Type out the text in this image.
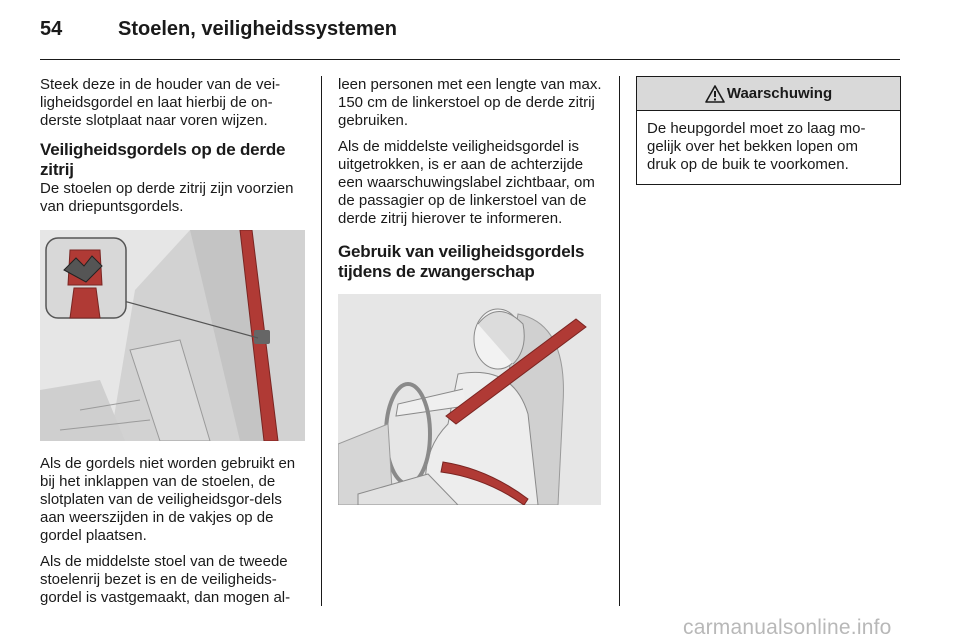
54	Stoelen, veiligheidssystemen

Steek deze in de houder van de vei-ligheidsgordel en laat hierbij de on-derste slotplaat naar voren wijzen.

Veiligheidsgordels op de derde zitrij

De stoelen op derde zitrij zijn voorzien van driepuntsgordels.

Als de gordels niet worden gebruikt en bij het inklappen van de stoelen, de slotplaten van de veiligheidsgor-dels aan weerszijden in de vakjes op de gordel plaatsen.

Als de middelste stoel van de tweede stoelenrij bezet is en de veiligheids-gordel is vastgemaakt, dan mogen al-

leen personen met een lengte van max. 150 cm de linkerstoel op de derde zitrij gebruiken.

Als de middelste veiligheidsgordel is uitgetrokken, is er aan de achterzijde een waarschuwingslabel zichtbaar, om de passagier op de linkerstoel van de derde zitrij hierover te informeren.

Gebruik van veiligheidsgordels tijdens de zwangerschap
Waarschuwing
De heupgordel moet zo laag mo-gelijk over het bekken lopen om druk op de buik te voorkomen.
carmanualsonline.info
